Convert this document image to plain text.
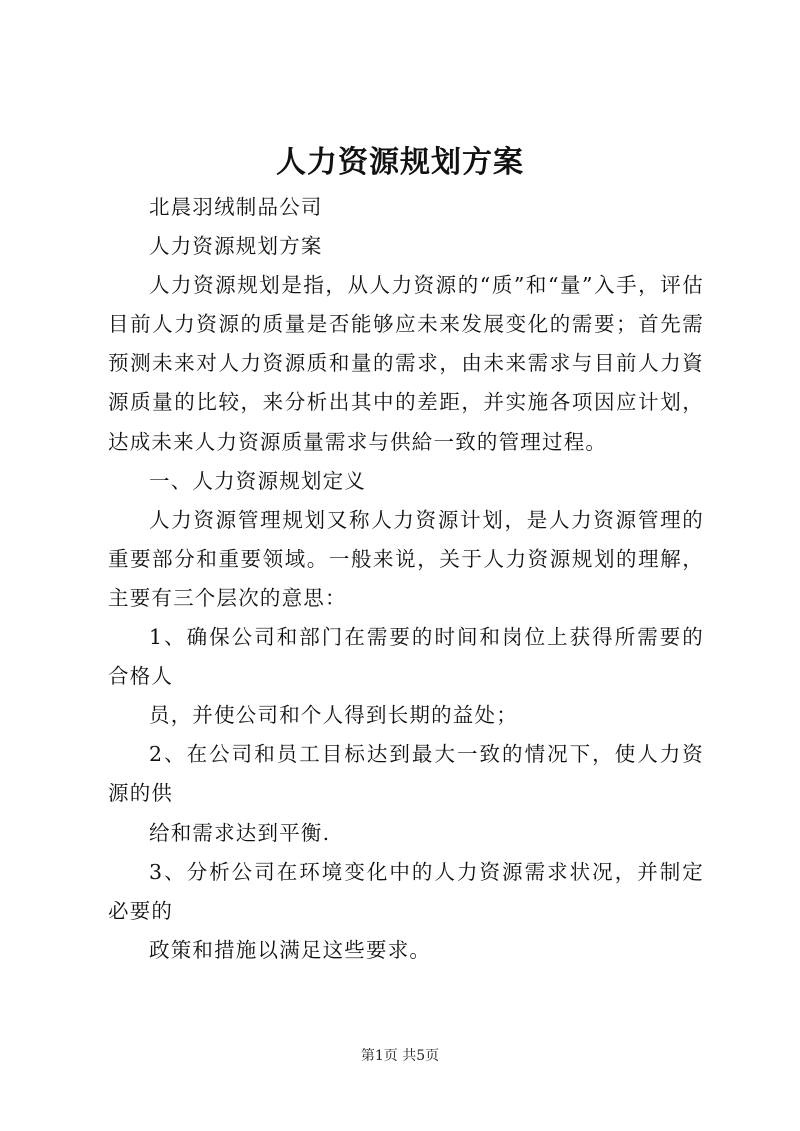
人力资源规划方案

北晨羽绒制品公司

人力资源规划方案

人力资源规划是指，从人力资源的“质”和“量”入手，评估目前人力资源的质量是否能够应未来发展变化的需要；首先需预测未来对人力资源质和量的需求，由未来需求与目前人力資源质量的比较，来分析出其中的差距，并实施各项因应计划，达成未来人力资源质量需求与供給一致的管理过程。

一、人力资源规划定义

人力资源管理规划又称人力资源计划，是人力资源管理的重要部分和重要领域。一般来说，关于人力资源规划的理解，主要有三个层次的意思：

1、确保公司和部门在需要的时间和岗位上获得所需要的合格人

员，并使公司和个人得到长期的益处；

2、在公司和员工目标达到最大一致的情况下，使人力资源的供

给和需求达到平衡.

3、分析公司在环境变化中的人力资源需求状况，并制定必要的

政策和措施以满足这些要求。

第1页 共5页
